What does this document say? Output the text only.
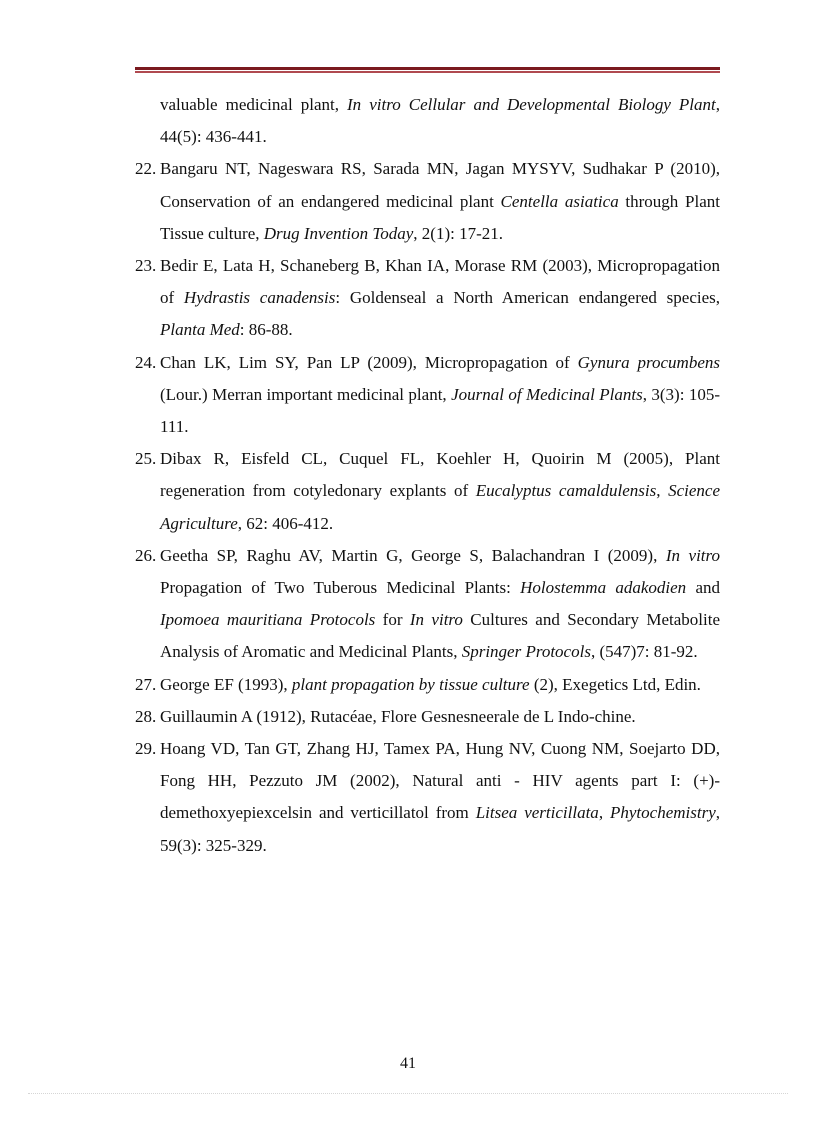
valuable medicinal plant, In vitro Cellular and Developmental Biology Plant, 44(5): 436-441.

22. Bangaru NT, Nageswara RS, Sarada MN, Jagan MYSYV, Sudhakar P (2010), Conservation of an endangered medicinal plant Centella asiatica through Plant Tissue culture, Drug Invention Today, 2(1): 17-21.

23. Bedir E, Lata H, Schaneberg B, Khan IA, Morase RM (2003), Micropropagation of Hydrastis canadensis: Goldenseal a North American endangered species, Planta Med: 86-88.

24. Chan LK, Lim SY, Pan LP (2009), Micropropagation of Gynura procumbens (Lour.) Merran important medicinal plant, Journal of Medicinal Plants, 3(3): 105-111.

25. Dibax R, Eisfeld CL, Cuquel FL, Koehler H, Quoirin M (2005), Plant regeneration from cotyledonary explants of Eucalyptus camaldulensis, Science Agriculture, 62: 406-412.

26. Geetha SP, Raghu AV, Martin G, George S, Balachandran I (2009), In vitro Propagation of Two Tuberous Medicinal Plants: Holostemma adakodien and Ipomoea mauritiana Protocols for In vitro Cultures and Secondary Metabolite Analysis of Aromatic and Medicinal Plants, Springer Protocols, (547)7: 81-92.

27. George EF (1993), plant propagation by tissue culture (2), Exegetics Ltd, Edin.

28. Guillaumin A (1912), Rutacéae, Flore Gesnesneerale de L Indo-chine.

29. Hoang VD, Tan GT, Zhang HJ, Tamex PA, Hung NV, Cuong NM, Soejarto DD, Fong HH, Pezzuto JM (2002), Natural anti - HIV agents part I: (+)- demethoxyepiexcelsin and verticillatol from Litsea verticillata, Phytochemistry, 59(3): 325-329.

41
